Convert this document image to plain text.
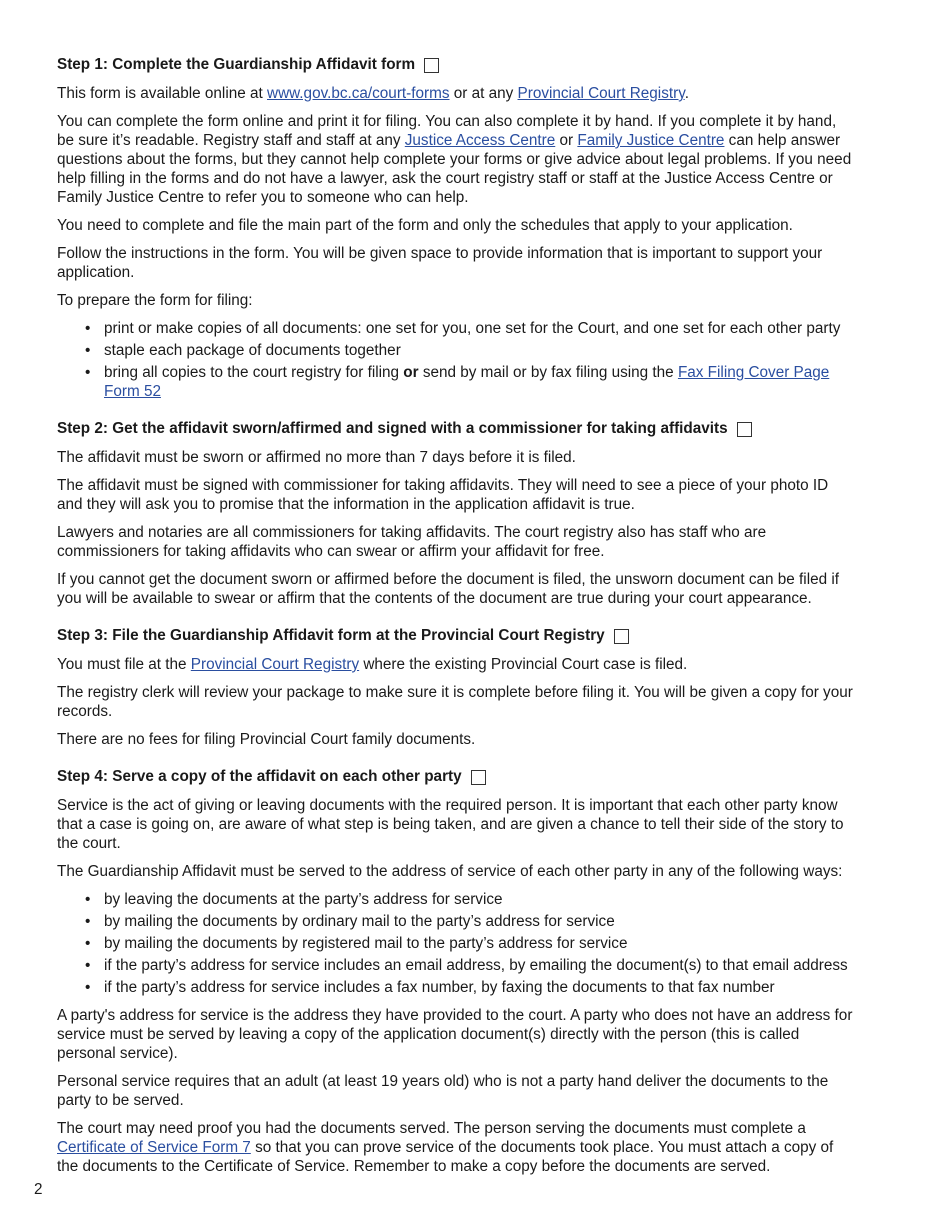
Step 1: Complete the Guardianship Affidavit form

This form is available online at www.gov.bc.ca/court-forms or at any Provincial Court Registry.

You can complete the form online and print it for filing. You can also complete it by hand. If you complete it by hand, be sure it’s readable. Registry staff and staff at any Justice Access Centre or Family Justice Centre can help answer questions about the forms, but they cannot help complete your forms or give advice about legal problems. If you need help filling in the forms and do not have a lawyer, ask the court registry staff or staff at the Justice Access Centre or Family Justice Centre to refer you to someone who can help.

You need to complete and file the main part of the form and only the schedules that apply to your application.

Follow the instructions in the form. You will be given space to provide information that is important to support your application.

To prepare the form for filing:

• print or make copies of all documents: one set for you, one set for the Court, and one set for each other party
• staple each package of documents together
• bring all copies to the court registry for filing or send by mail or by fax filing using the Fax Filing Cover Page Form 52
Step 2: Get the affidavit sworn/affirmed and signed with a commissioner for taking affidavits

The affidavit must be sworn or affirmed no more than 7 days before it is filed.

The affidavit must be signed with commissioner for taking affidavits. They will need to see a piece of your photo ID and they will ask you to promise that the information in the application affidavit is true.

Lawyers and notaries are all commissioners for taking affidavits. The court registry also has staff who are commissioners for taking affidavits who can swear or affirm your affidavit for free.

If you cannot get the document sworn or affirmed before the document is filed, the unsworn document can be filed if you will be available to swear or affirm that the contents of the document are true during your court appearance.

Step 3: File the Guardianship Affidavit form at the Provincial Court Registry

You must file at the Provincial Court Registry where the existing Provincial Court case is filed.

The registry clerk will review your package to make sure it is complete before filing it. You will be given a copy for your records.

There are no fees for filing Provincial Court family documents.

Step 4: Serve a copy of the affidavit on each other party

Service is the act of giving or leaving documents with the required person. It is important that each other party know that a case is going on, are aware of what step is being taken, and are given a chance to tell their side of the story to the court.

The Guardianship Affidavit must be served to the address of service of each other party in any of the following ways:

• by leaving the documents at the party’s address for service
• by mailing the documents by ordinary mail to the party’s address for service
• by mailing the documents by registered mail to the party’s address for service
• if the party’s address for service includes an email address, by emailing the document(s) to that email address
• if the party’s address for service includes a fax number, by faxing the documents to that fax number

A party's address for service is the address they have provided to the court. A party who does not have an address for service must be served by leaving a copy of the application document(s) directly with the person (this is called personal service).

Personal service requires that an adult (at least 19 years old) who is not a party hand deliver the documents to the party to be served.

The court may need proof you had the documents served. The person serving the documents must complete a Certificate of Service Form 7 so that you can prove service of the documents took place. You must attach a copy of the documents to the Certificate of Service. Remember to make a copy before the documents are served.

2
